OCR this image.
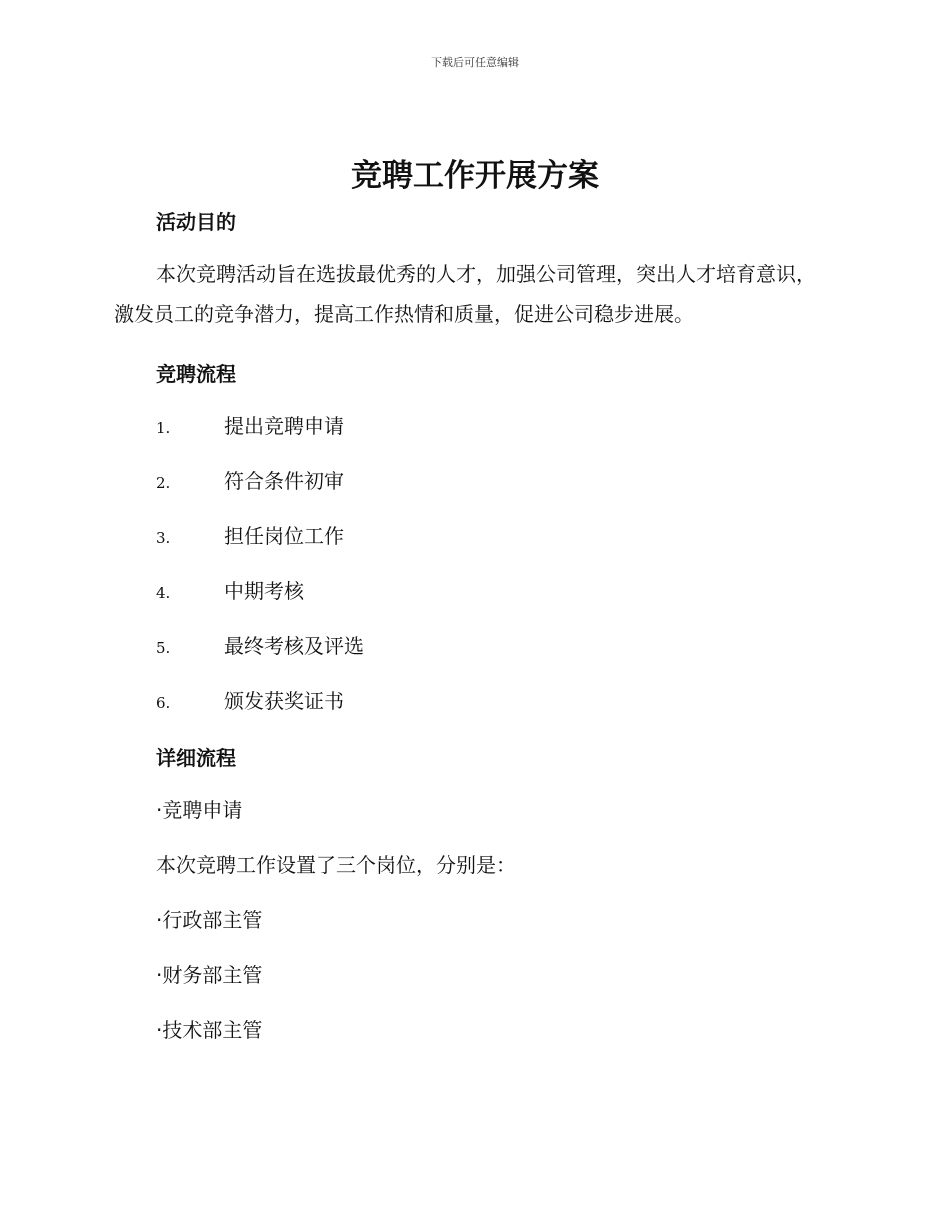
下载后可任意编辑
竞聘工作开展方案
活动目的

本次竞聘活动旨在选拔最优秀的人才，加强公司管理，突出人才培育意识，激发员工的竞争潜力，提高工作热情和质量，促进公司稳步进展。

竞聘流程
1.	提出竞聘申请
2.	符合条件初审
3.	担任岗位工作
4.	中期考核
5.	最终考核及评选
6.	颁发获奖证书
详细流程

·竞聘申请

本次竞聘工作设置了三个岗位，分别是：

·行政部主管

·财务部主管

·技术部主管
